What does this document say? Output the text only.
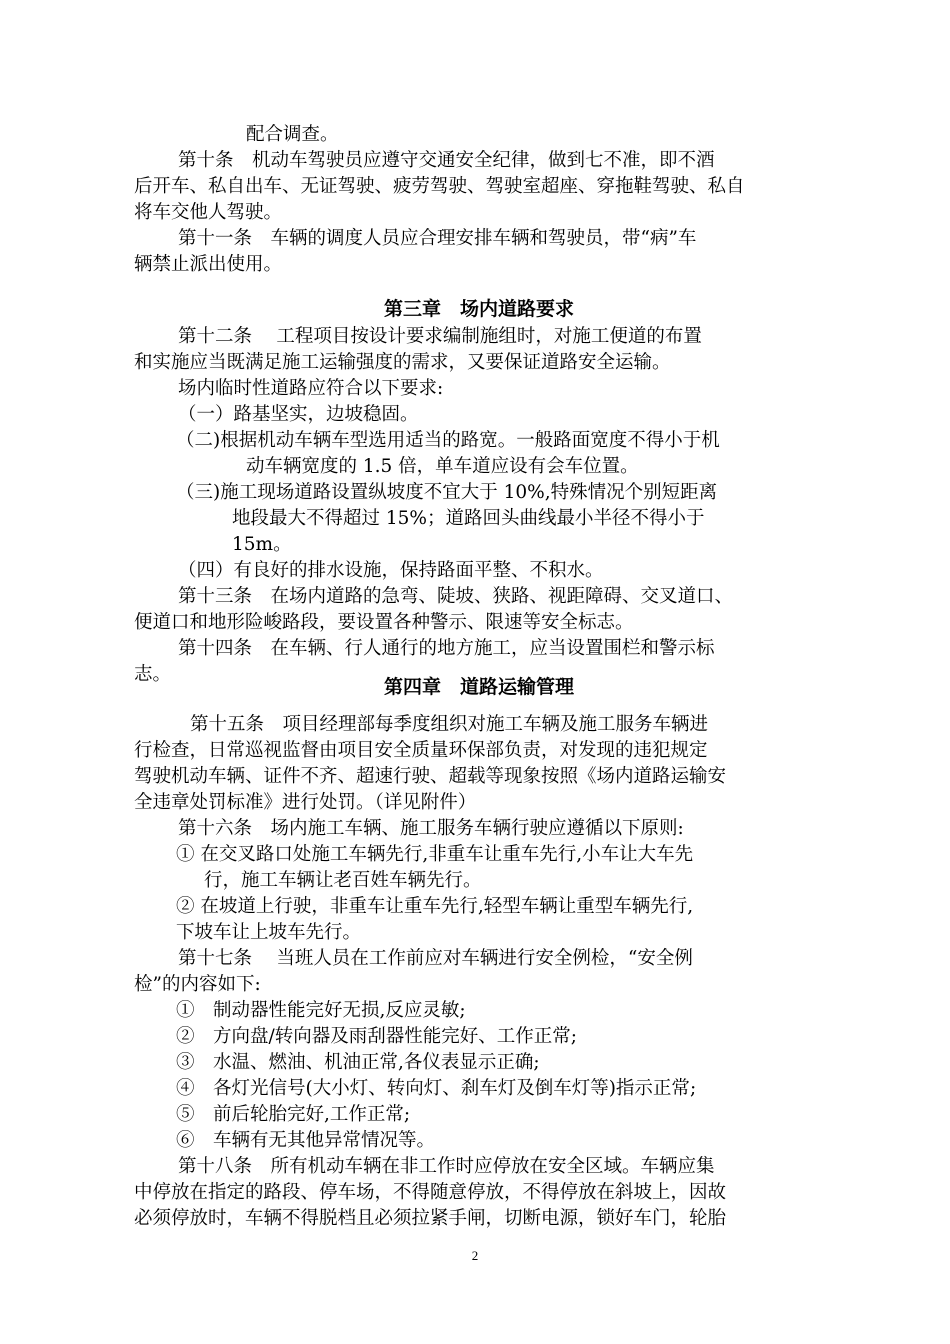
配合调查。
第十条　机动车驾驶员应遵守交通安全纪律，做到七不准，即不酒
后开车、私自出车、无证驾驶、疲劳驾驶、驾驶室超座、穿拖鞋驾驶、私自
将车交他人驾驶。
第十一条　车辆的调度人员应合理安排车辆和驾驶员，带“病”车
辆禁止派出使用。
第三章　场内道路要求
第十二条　 工程项目按设计要求编制施组时，对施工便道的布置
和实施应当既满足施工运输强度的需求，又要保证道路安全运输。
场内临时性道路应符合以下要求:
（一）路基坚实，边坡稳固。
（二)根据机动车辆车型选用适当的路宽。一般路面宽度不得小于机
动车辆宽度的 1.5 倍，单车道应设有会车位置。
（三)施工现场道路设置纵坡度不宜大于 10%,特殊情况个别短距离
地段最大不得超过 15%；道路回头曲线最小半径不得小于
15m。
（四）有良好的排水设施，保持路面平整、不积水。
第十三条　在场内道路的急弯、陡坡、狭路、视距障碍、交叉道口、
便道口和地形险峻路段，要设置各种警示、限速等安全标志。
第十四条　在车辆、行人通行的地方施工，应当设置围栏和警示标
志。
第四章　道路运输管理
第十五条　项目经理部每季度组织对施工车辆及施工服务车辆进
行检查，日常巡视监督由项目安全质量环保部负责，对发现的违犯规定
驾驶机动车辆、证件不齐、超速行驶、超载等现象按照《场内道路运输安
全违章处罚标准》进行处罚。（详见附件）
第十六条　场内施工车辆、施工服务车辆行驶应遵循以下原则:
① 在交叉路口处施工车辆先行,非重车让重车先行,小车让大车先
行，施工车辆让老百姓车辆先行。
② 在坡道上行驶，非重车让重车先行,轻型车辆让重型车辆先行,
下坡车让上坡车先行。
第十七条　 当班人员在工作前应对车辆进行安全例检，“安全例
检”的内容如下:
①　制动器性能完好无损,反应灵敏;
②　方向盘/转向器及雨刮器性能完好、工作正常;
③　水温、燃油、机油正常,各仪表显示正确;
④　各灯光信号(大小灯、转向灯、刹车灯及倒车灯等)指示正常;
⑤　前后轮胎完好,工作正常;
⑥　车辆有无其他异常情况等。
第十八条　所有机动车辆在非工作时应停放在安全区域。车辆应集
中停放在指定的路段、停车场，不得随意停放，不得停放在斜坡上，因故
必须停放时，车辆不得脱档且必须拉紧手闸，切断电源，锁好车门，轮胎
2
